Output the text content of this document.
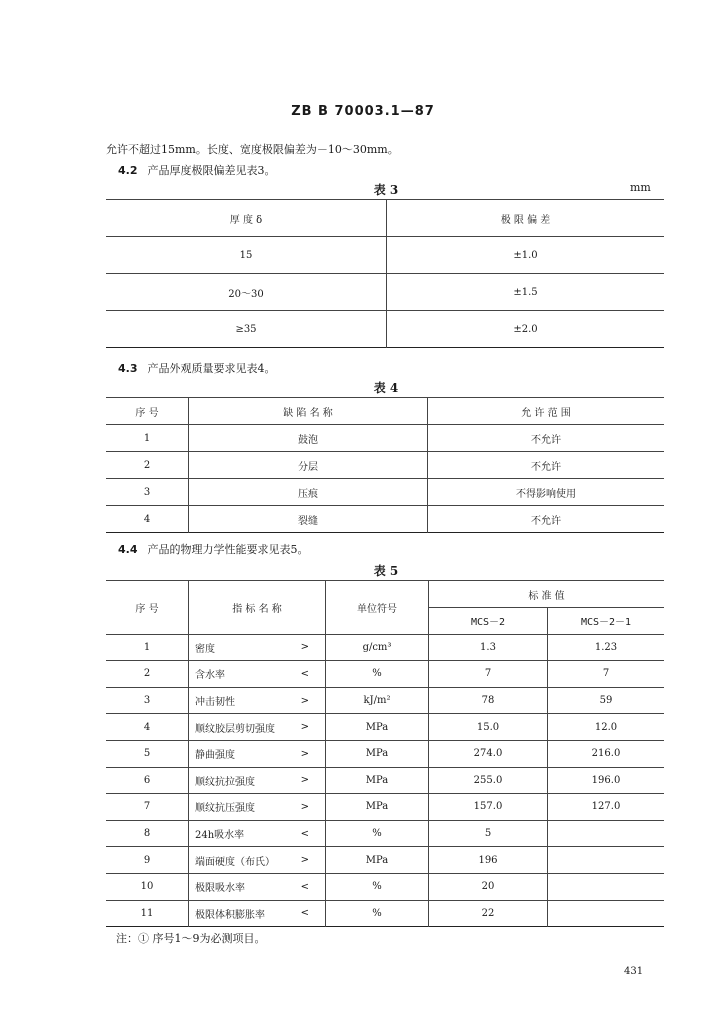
ZB B 70003.1—87
允许不超过15mm。长度、宽度极限偏差为－10～30mm。
4.2 产品厚度极限偏差见表3。
表 3	mm
厚 度 δ	极 限 偏 差
15	±1.0
20～30	±1.5
≥35	±2.0
4.3 产品外观质量要求见表4。
表 4
序 号	缺 陷 名 称	允 许 范 围
1	鼓泡	不允许
2	分层	不允许
3	压痕	不得影响使用
4	裂缝	不允许
4.4 产品的物理力学性能要求见表5。
表 5
序 号	指 标 名 称	单位符号	标 准 值	
			MCS－2	MCS－2－1
1	密度 >	g/cm³	1.3	1.23
2	含水率 <	%	7	7
3	冲击韧性 >	kJ/m²	78	59
4	顺纹胶层剪切强度 >	MPa	15.0	12.0
5	静曲强度 >	MPa	274.0	216.0
6	顺纹抗拉强度 >	MPa	255.0	196.0
7	顺纹抗压强度 >	MPa	157.0	127.0
8	24h吸水率 <	%	5	
9	端面硬度（布氏） >	MPa	196	
10	极限吸水率 <	%	20	
11	极限体积膨胀率 <	%	22	
注：① 序号1～9为必测项目。
431
